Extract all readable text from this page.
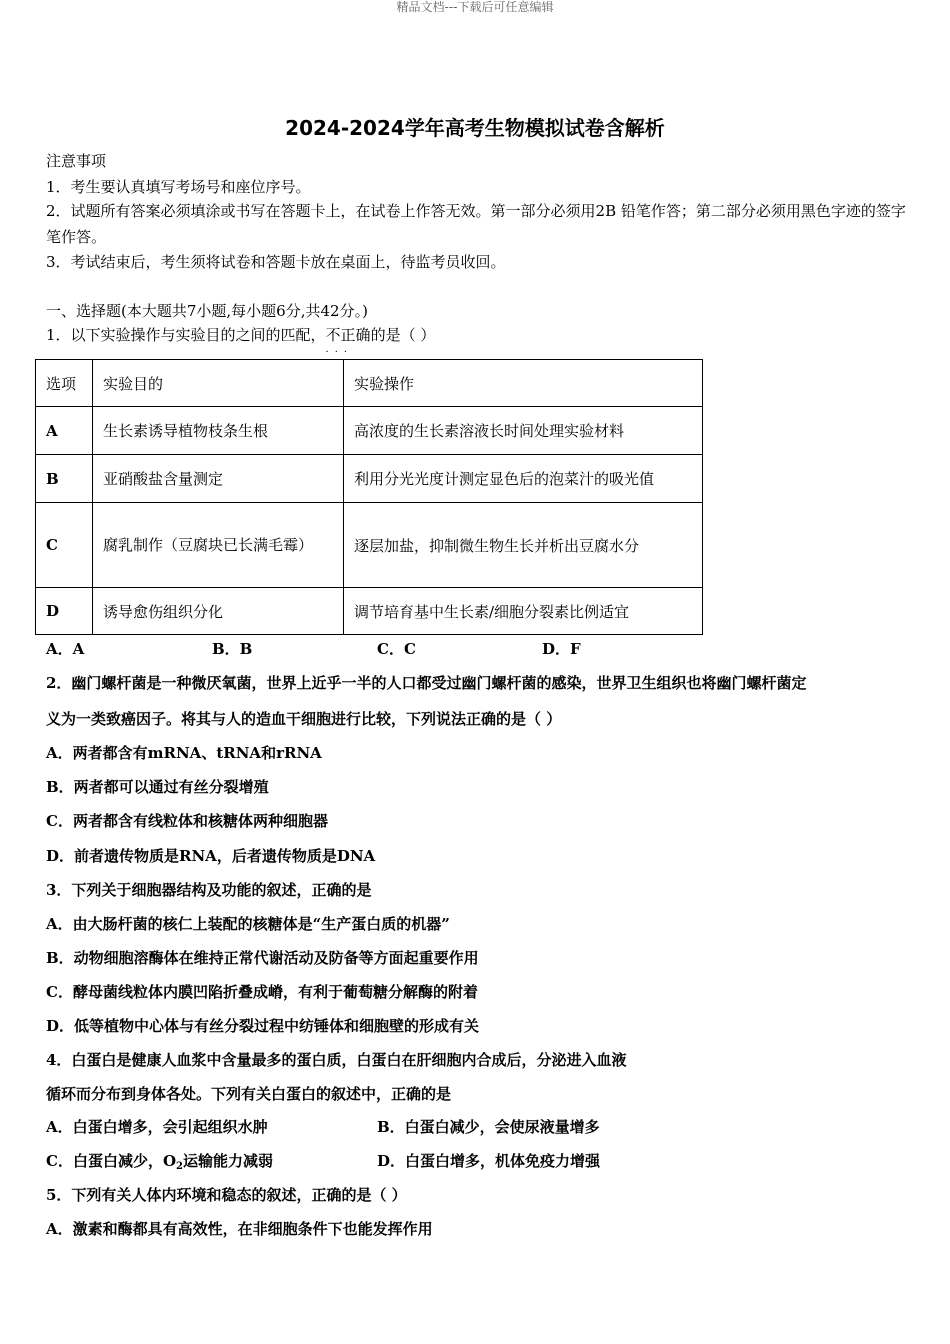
精品文档---下载后可任意编辑
2024-2024学年高考生物模拟试卷含解析
注意事项
1．考生要认真填写考场号和座位序号。
2．试题所有答案必须填涂或书写在答题卡上，在试卷上作答无效。第一部分必须用2B 铅笔作答；第二部分必须用黑色字迹的签字笔作答。
3．考试结束后，考生须将试卷和答题卡放在桌面上，待监考员收回。
一、选择题(本大题共7小题,每小题6分,共42分。)
1．以下实验操作与实验目的之间的匹配，不正确
···
的是（ ）
选项	实验目的	实验操作
A	生长素诱导植物枝条生根	高浓度的生长素溶液长时间处理实验材料
B	亚硝酸盐含量测定	利用分光光度计测定显色后的泡菜汁的吸光值
C	腐乳制作（豆腐块已长满毛霉）	逐层加盐，抑制微生物生长并析出豆腐水分
D	诱导愈伤组织分化	调节培育基中生长素/细胞分裂素比例适宜
A．A	B．B	C．C	D．F
2．幽门螺杆菌是一种微厌氧菌，世界上近乎一半的人口都受过幽门螺杆菌的感染，世界卫生组织也将幽门螺杆菌定
义为一类致癌因子。将其与人的造血干细胞进行比较，下列说法正确的是（ ）
A．两者都含有mRNA、tRNA和rRNA
B．两者都可以通过有丝分裂增殖
C．两者都含有线粒体和核糖体两种细胞器
D．前者遗传物质是RNA，后者遗传物质是DNA
3．下列关于细胞器结构及功能的叙述，正确的是
A．由大肠杆菌的核仁上装配的核糖体是“生产蛋白质的机器”
B．动物细胞溶酶体在维持正常代谢活动及防备等方面起重要作用
C．酵母菌线粒体内膜凹陷折叠成嵴，有利于葡萄糖分解酶的附着
D．低等植物中心体与有丝分裂过程中纺锤体和细胞壁的形成有关
4．白蛋白是健康人血浆中含量最多的蛋白质，白蛋白在肝细胞内合成后，分泌进入血液
循环而分布到身体各处。下列有关白蛋白的叙述中，正确的是
A．白蛋白增多，会引起组织水肿	B．白蛋白减少，会使尿液量增多
C．白蛋白减少，$O_2$运输能力减弱	D．白蛋白增多，机体免疫力增强
5．下列有关人体内环境和稳态的叙述，正确的是（ ）
A．激素和酶都具有高效性，在非细胞条件下也能发挥作用
